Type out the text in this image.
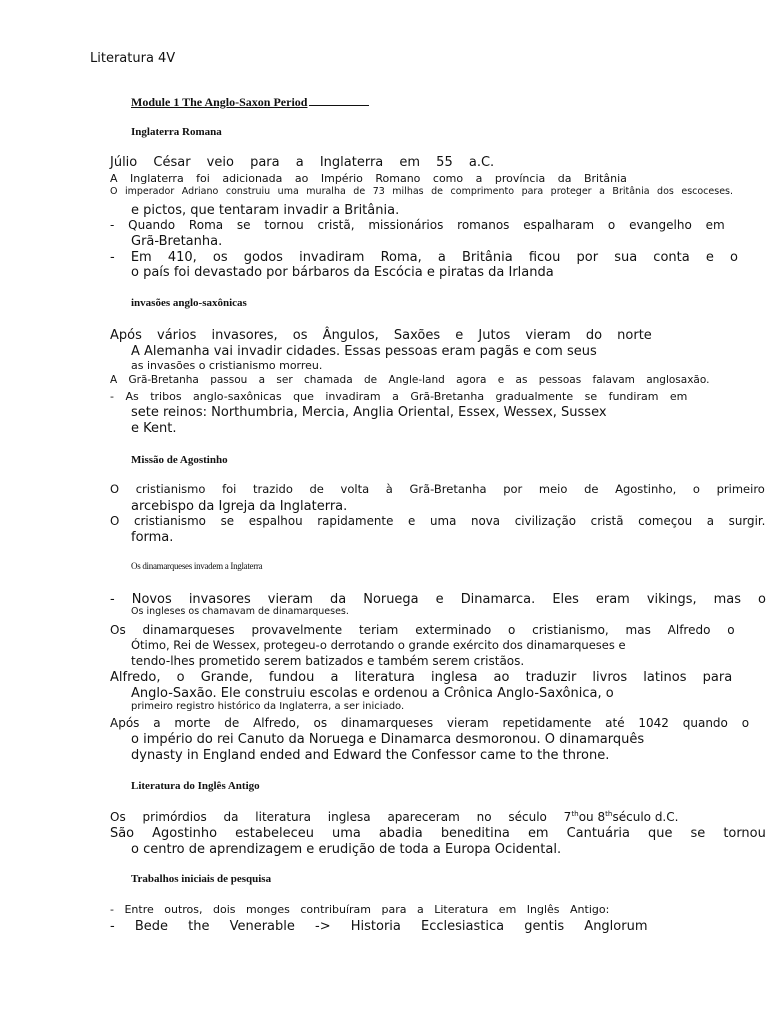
Literatura 4V
Module 1 The Anglo-Saxon Period
Inglaterra Romana
Júlio César veio para a Inglaterra em 55 a.C.
A Inglaterra foi adicionada ao Império Romano como a província da Britânia
O imperador Adriano construiu uma muralha de 73 milhas de comprimento para proteger a Britânia dos escoceses.
e pictos, que tentaram invadir a Britânia.
- Quando Roma se tornou cristã, missionários romanos espalharam o evangelho em
Grã-Bretanha.
- Em 410, os godos invadiram Roma, a Britânia ficou por sua conta e o
o país foi devastado por bárbaros da Escócia e piratas da Irlanda
invasões anglo-saxônicas
Após vários invasores, os Ângulos, Saxões e Jutos vieram do norte
A Alemanha vai invadir cidades. Essas pessoas eram pagãs e com seus
as invasões o cristianismo morreu.
A Grã-Bretanha passou a ser chamada de Angle-land agora e as pessoas falavam anglosaxão.
- As tribos anglo-saxônicas que invadiram a Grã-Bretanha gradualmente se fundiram em
sete reinos: Northumbria, Mercia, Anglia Oriental, Essex, Wessex, Sussex
e Kent.
Missão de Agostinho
O cristianismo foi trazido de volta à Grã-Bretanha por meio de Agostinho, o primeiro
arcebispo da Igreja da Inglaterra.
O cristianismo se espalhou rapidamente e uma nova civilização cristã começou a surgir.
forma.
Os dinamarqueses invadem a Inglaterra
- Novos invasores vieram da Noruega e Dinamarca. Eles eram vikings, mas o
Os ingleses os chamavam de dinamarqueses.
Os dinamarqueses provavelmente teriam exterminado o cristianismo, mas Alfredo o
Ótimo, Rei de Wessex, protegeu-o derrotando o grande exército dos dinamarqueses e
tendo-lhes prometido serem batizados e também serem cristãos.
Alfredo, o Grande, fundou a literatura inglesa ao traduzir livros latinos para
Anglo-Saxão. Ele construiu escolas e ordenou a Crônica Anglo-Saxônica, o
primeiro registro histórico da Inglaterra, a ser iniciado.
Após a morte de Alfredo, os dinamarqueses vieram repetidamente até 1042 quando o
o império do rei Canuto da Noruega e Dinamarca desmoronou. O dinamarquês
dynasty in England ended and Edward the Confessor came to the throne.
Literatura do Inglês Antigo
Os primórdios da literatura inglesa apareceram no século 7thou 8thséculo d.C.
São Agostinho estabeleceu uma abadia beneditina em Cantuária que se tornou
o centro de aprendizagem e erudição de toda a Europa Ocidental.
Trabalhos iniciais de pesquisa
- Entre outros, dois monges contribuíram para a Literatura em Inglês Antigo:
- Bede the Venerable -> Historia Ecclesiastica gentis Anglorum
